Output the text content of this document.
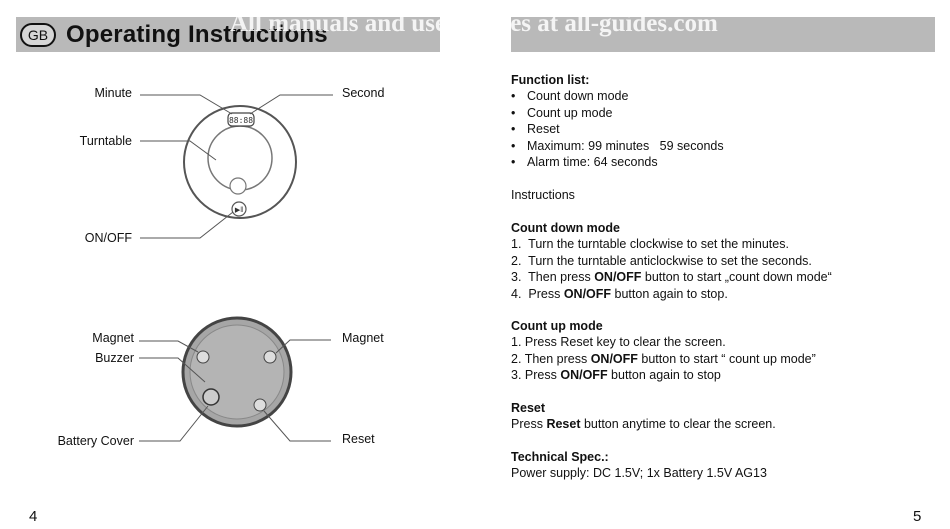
GB Operating Instructions
All manuals and user guides at all-guides.com
88:88
▶‖
Minute	Second
Turntable
ON/OFF
Magnet
Buzzer
Battery Cover
Magnet
Reset
Function list:
• Count down mode
• Count up mode
• Reset
• Maximum: 99 minutes   59 seconds
• Alarm time: 64 seconds
Instructions
Count down mode
1. Turn the turntable clockwise to set the minutes.
2. Turn the turntable anticlockwise to set the seconds.
3. Then press ON/OFF button to start „count down mode“
4. Press ON/OFF button again to stop.
Count up mode
1. Press Reset key to clear the screen.
2. Then press ON/OFF button to start “ count up mode”
3. Press ON/OFF button again to stop
Reset
Press Reset button anytime to clear the screen.
Technical Spec.:
Power supply: DC 1.5V; 1x Battery 1.5V AG13
4	5
